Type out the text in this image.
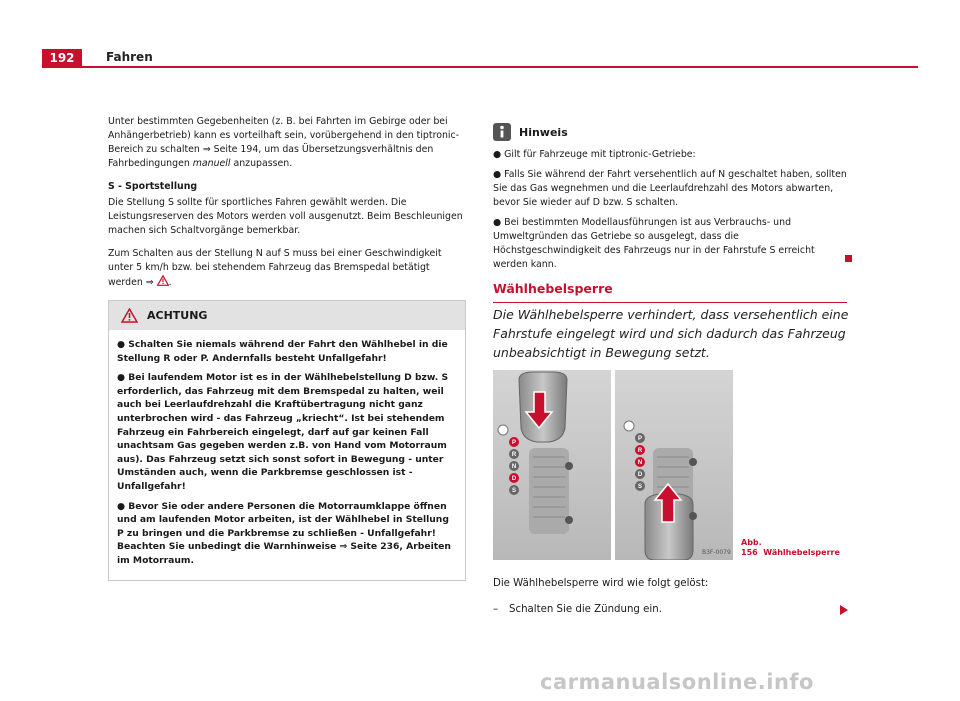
192	Fahren

Unter bestimmten Gegebenheiten (z. B. bei Fahrten im Gebirge oder bei Anhängerbetrieb) kann es vorteilhaft sein, vorübergehend in den tiptronic-Bereich zu schalten ⇒ Seite 194, um das Übersetzungsverhältnis den Fahrbedingungen manuell anzupassen.

S - Sportstellung

Die Stellung S sollte für sportliches Fahren gewählt werden. Die Leistungsreserven des Motors werden voll ausgenutzt. Beim Beschleunigen machen sich Schaltvorgänge bemerkbar.

Zum Schalten aus der Stellung N auf S muss bei einer Geschwindigkeit unter 5 km/h bzw. bei stehendem Fahrzeug das Bremspedal betätigt werden ⇒ .

ACHTUNG

● Schalten Sie niemals während der Fahrt den Wählhebel in die Stellung R oder P. Andernfalls besteht Unfallgefahr!

● Bei laufendem Motor ist es in der Wählhebelstellung D bzw. S erforderlich, das Fahrzeug mit dem Bremspedal zu halten, weil auch bei Leerlaufdrehzahl die Kraftübertragung nicht ganz unterbrochen wird - das Fahrzeug „kriecht“. Ist bei stehendem Fahrzeug ein Fahrbereich eingelegt, darf auf gar keinen Fall unachtsam Gas gegeben werden z.B. von Hand vom Motorraum aus). Das Fahrzeug setzt sich sonst sofort in Bewegung - unter Umständen auch, wenn die Parkbremse geschlossen ist - Unfallgefahr!

● Bevor Sie oder andere Personen die Motorraumklappe öffnen und am laufenden Motor arbeiten, ist der Wählhebel in Stellung P zu bringen und die Parkbremse zu schließen - Unfallgefahr! Beachten Sie unbedingt die Warnhinweise ⇒ Seite 236, Arbeiten im Motorraum.

Hinweis

● Gilt für Fahrzeuge mit tiptronic-Getriebe:

● Falls Sie während der Fahrt versehentlich auf N geschaltet haben, sollten Sie das Gas wegnehmen und die Leerlaufdrehzahl des Motors abwarten, bevor Sie wieder auf D bzw. S schalten.

● Bei bestimmten Modellausführungen ist aus Verbrauchs- und Umweltgründen das Getriebe so ausgelegt, dass die Höchstgeschwindigkeit des Fahrzeugs nur in der Fahrstufe S erreicht werden kann.

Wählhebelsperre
Die Wählhebelsperre verhindert, dass versehentlich eine Fahrstufe eingelegt wird und sich dadurch das Fahrzeug unbeabsichtigt in Bewegung setzt.
P
R
N
D
S
P
R
N
D
S
B3F-0079
Abb. 156 Wählhebelsperre
Die Wählhebelsperre wird wie folgt gelöst:
– Schalten Sie die Zündung ein.
carmanualsonline.info
